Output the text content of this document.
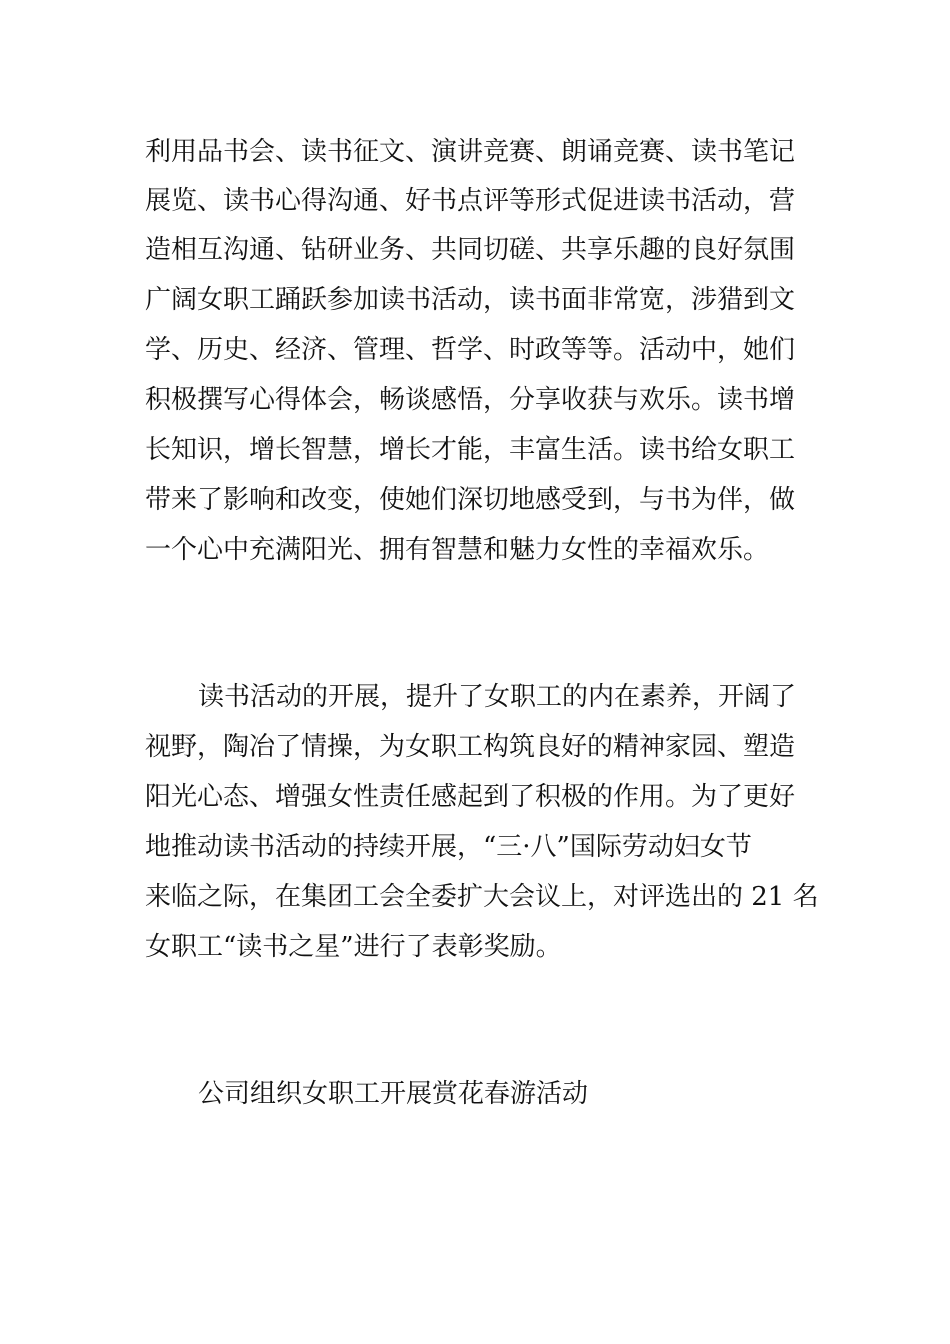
利用品书会、读书征文、演讲竞赛、朗诵竞赛、读书笔记
展览、读书心得沟通、好书点评等形式促进读书活动，营
造相互沟通、钻研业务、共同切磋、共享乐趣的良好氛围
广阔女职工踊跃参加读书活动，读书面非常宽，涉猎到文
学、历史、经济、管理、哲学、时政等等。活动中，她们
积极撰写心得体会，畅谈感悟，分享收获与欢乐。读书增
长知识，增长智慧，增长才能，丰富生活。读书给女职工
带来了影响和改变，使她们深切地感受到，与书为伴，做
一个心中充满阳光、拥有智慧和魅力女性的幸福欢乐。
读书活动的开展，提升了女职工的内在素养，开阔了
视野，陶冶了情操，为女职工构筑良好的精神家园、塑造
阳光心态、增强女性责任感起到了积极的作用。为了更好
地推动读书活动的持续开展，“三·八”国际劳动妇女节
来临之际，在集团工会全委扩大会议上，对评选出的 21 名
女职工“读书之星”进行了表彰奖励。
公司组织女职工开展赏花春游活动
